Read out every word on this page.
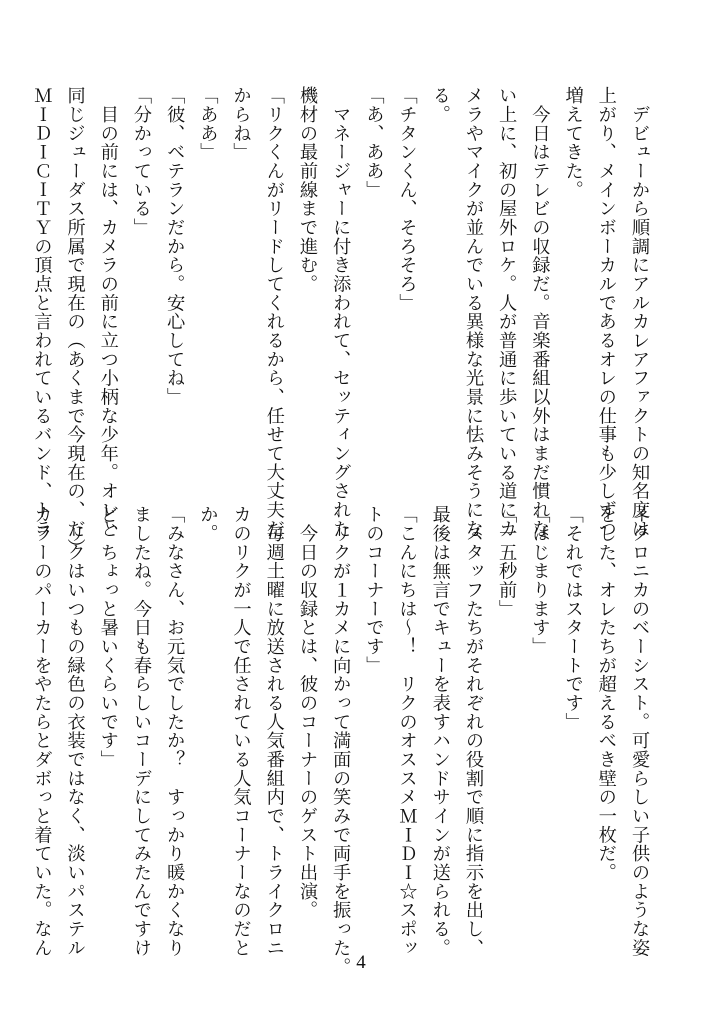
　デビューから順調にアルカレアファクトの知名度は
上がり、メインボーカルであるオレの仕事も少しずつ
増えてきた。
　今日はテレビの収録だ。音楽番組以外はまだ慣れな
い上に、初の屋外ロケ。人が普通に歩いている道にカ
メラやマイクが並んでいる異様な光景に怯みそうにな
る。
「チタンくん、そろそろ」
「あ、ああ」
　マネージャーに付き添われて、セッティングされた
機材の最前線まで進む。
「リクくんがリードしてくれるから、任せて大丈夫だ
からね」
「ああ」
「彼、ベテランだから。安心してね」
「分かっている」
　目の前には、カメラの前に立つ小柄な少年。オレと
同じジューダス所属で現在の（あくまで今現在の、だ）
ＭＩＤＩＣＩＴＹの頂点と言われているバンド、トラ
イクロニカのベーシスト。可愛らしい子供のような姿
をした、オレたちが超えるべき壁の一枚だ。
「それではスタートです」
「はじまります」
「一五秒前」
　スタッフたちがそれぞれの役割で順に指示を出し、
最後は無言でキューを表すハンドサインが送られる。
「こんにちは〜！　リクのオススメＭＩＤＩ☆スポッ
トのコーナーです」
　リクが１カメに向かって満面の笑みで両手を振った。
　今日の収録とは、彼のコーナーのゲスト出演。
　毎週土曜に放送される人気番組内で、トライクロニ
カのリクが一人で任されている人気コーナーなのだと
か。
「みなさん、お元気でしたか？　すっかり暖かくなり
ましたね。今日も春らしいコーデにしてみたんですけ
ど、ちょっと暑いくらいです」
　リクはいつもの緑色の衣装ではなく、淡いパステル
カラーのパーカーをやたらとダボっと着ていた。なん
4
